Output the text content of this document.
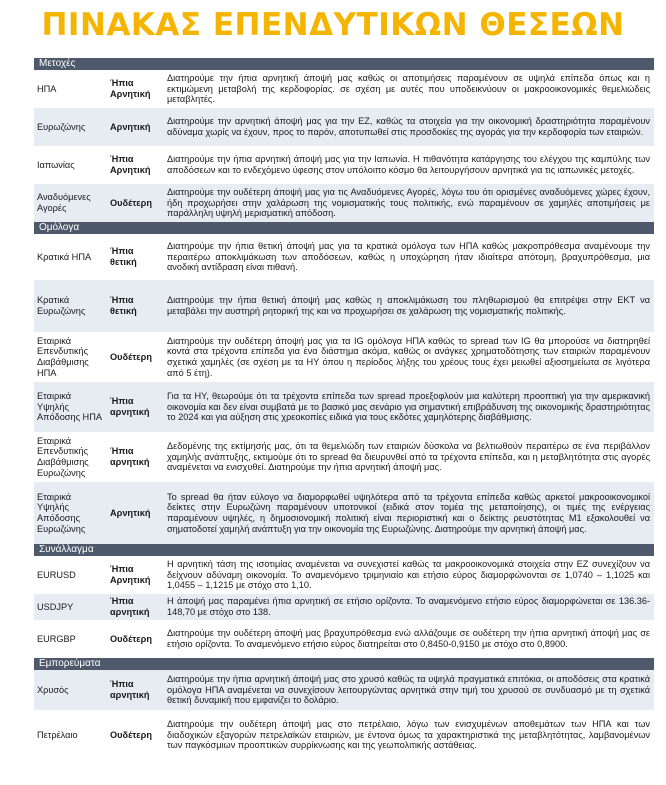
ΠΙΝΑΚΑΣ ΕΠΕΝΔΥΤΙΚΩΝ ΘΕΣΕΩΝ
Μετοχές		
ΗΠΑ	Ήπια Αρνητική	Διατηρούμε την ήπια αρνητική άποψή μας καθώς οι αποτιμήσεις παραμένουν σε υψηλά επίπεδα όπως και η εκτιμώμενη μεταβολή της κερδοφορίας. σε σχέση με αυτές που υποδεικνύουν οι μακροοικονομικές θεμελιώδεις μεταβλητές.
Ευρωζώνης	Αρνητική	Διατηρούμε την αρνητική άποψή μας για την ΕΖ, καθώς τα στοιχεία για την οικονομική δραστηριότητα παραμένουν αδύναμα χωρίς να έχουν, προς το παρόν, αποτυπωθεί στις προσδοκίες της αγοράς για την κερδοφορία των εταιριών.
Ιαπωνίας	Ήπια Αρνητική	Διατηρούμε την ήπια αρνητική άποψή μας για την Ιαπωνία. Η πιθανότητα κατάργησης του ελέγχου της καμπύλης των αποδόσεων και το ενδεχόμενο ύφεσης στον υπόλοιπο κόσμο θα λειτουργήσουν αρνητικά για τις ιαπωνικές μετοχές.
Αναδυόμενες Αγορές	Ουδέτερη	Διατηρούμε την ουδέτερη άποψή μας για τις Αναδυόμενες Αγορές, λόγω του ότι ορισμένες αναδυόμενες χώρες έχουν, ήδη προχωρήσει στην χαλάρωση της νομισματικής τους πολιτικής, ενώ παραμένουν σε χαμηλές αποτιμήσεις με παράλληλη υψηλή μερισματική απόδοση.
Ομόλογα		
Κρατικά ΗΠΑ	Ήπια θετική	Διατηρούμε την ήπια θετική άποψή μας για τα κρατικά ομόλογα των ΗΠΑ καθώς μακροπρόθεσμα αναμένουμε την περαιτέρω αποκλιμάκωση των αποδόσεων, καθώς η υποχώρηση ήταν ιδιαίτερα απότομη, βραχυπρόθεσμα, μια ανοδική αντίδραση είναι πιθανή.
Κρατικά Ευρωζώνης	Ήπια θετική	Διατηρούμε την ήπια θετική άποψή μας καθώς η αποκλιμάκωση του πληθωρισμού θα επιτρέψει στην ΕΚΤ να μεταβάλει την αυστηρή ρητορική της και να προχωρήσει σε χαλάρωση της νομισματικής πολιτικής.
Εταιρικά Επενδυτικής Διαβάθμισης ΗΠΑ	Ουδέτερη	Διατηρούμε την ουδέτερη άποψή μας για τα IG ομόλογα ΗΠΑ καθώς το spread των IG θα μπορούσε να διατηρηθεί κοντά στα τρέχοντα επίπεδα για ένα διάστημα ακόμα, καθώς οι ανάγκες χρηματοδότησης των εταιριών παραμένουν σχετικά χαμηλές (σε σχέση με τα ΗΥ όπου η περίοδος λήξης του χρέους τους έχει μειωθεί αξιοσημείωτα σε λιγότερα από 5 έτη).
Εταιρικά Υψηλής Απόδοσης ΗΠΑ	Ήπια αρνητική	Για τα ΗΥ, θεωρούμε ότι τα τρέχοντα επίπεδα των spread προεξοφλούν μια καλύτερη προοπτική για την αμερικανική οικονομία και δεν είναι συμβατά με το βασικό μας σενάριο για σημαντική επιβράδυνση της οικονομικής δραστηριότητας το 2024 και για αύξηση στις χρεοκοπίες ειδικά για τους εκδότες χαμηλότερης διαβάθμισης.
Εταιρικά Επενδυτικής Διαβάθμισης Ευρωζώνης	Ήπια αρνητική	Δεδομένης της εκτίμησής μας, ότι τα θεμελιώδη των εταιριών δύσκολα να βελτιωθούν περαιτέρω σε ένα περιβάλλον χαμηλής ανάπτυξης, εκτιμούμε ότι το spread θα διευρυνθεί από τα τρέχοντα επίπεδα, και η μεταβλητότητα στις αγορές αναμένεται να ενισχυθεί. Διατηρούμε την ήπια αρνητική άποψή μας.
Εταιρικά Υψηλής Απόδοσης Ευρωζώνης	Αρνητική	Το spread θα ήταν εύλογο να διαμορφωθεί υψηλότερα από τα τρέχοντα επίπεδα καθώς αρκετοί μακροοικονομικοί δείκτες στην Ευρωζώνη παραμένουν υποτονικοί (ειδικά στον τομέα της μεταποίησης), οι τιμές της ενέργειας παραμένουν υψηλές, η δημοσιονομική πολιτική είναι περιοριστική και ο δείκτης ρευστότητας Μ1 εξακολουθεί να σηματοδοτεί χαμηλή ανάπτυξη για την οικονομία της Ευρωζώνης. Διατηρούμε την αρνητική άποψή μας.
Συνάλλαγμα		
EURUSD	Ήπια Αρνητική	Η αρνητική τάση της ισοτιμίας αναμένεται να συνεχιστεί καθώς τα μακροοικονομικά στοιχεία στην ΕΖ συνεχίζουν να δείχνουν αδύναμη οικονομία. Το αναμενόμενο τριμηνιαίο και ετήσιο εύρος διαμορφώνονται σε 1,0740 – 1,1025 και 1,0455 – 1,1215 με στόχο στο 1,10.
USDJPY	Ήπια αρνητική	Η άποψή μας παραμένει ήπια αρνητική σε ετήσιο ορίζοντα. Το αναμενόμενο ετήσιο εύρος διαμορφώνεται σε 136.36-148,70 με στόχο στο 138.
EURGBP	Ουδέτερη	Διατηρούμε την ουδέτερη άποψή μας βραχυπρόθεσμα ενώ αλλάζουμε σε ουδέτερη την ήπια αρνητική άποψή μας σε ετήσιο ορίζοντα. Το αναμενόμενο ετήσιο εύρος διατηρείται στο 0,8450-0,9150 με στόχο στο 0,8900.
Εμπορεύματα		
Χρυσός	Ήπια αρνητική	Διατηρούμε την ήπια αρνητική άποψή μας στο χρυσό καθώς τα υψηλά πραγματικά επιτόκια, οι αποδόσεις στα κρατικά ομόλογα ΗΠΑ αναμένεται να συνεχίσουν λειτουργώντας αρνητικά στην τιμή του χρυσού σε συνδυασμό με τη σχετικά θετική δυναμική που εμφανίζει το δολάριο.
Πετρέλαιο	Ουδέτερη	Διατηρούμε την ουδέτερη άποψή μας στο πετρέλαιο, λόγω των ενισχυμένων αποθεμάτων των ΗΠΑ και των διαδοχικών εξαγορών πετρελαϊκών εταιριών, με έντονα όμως τα χαρακτηριστικά της μεταβλητότητας, λαμβανομένων των παγκόσμιων προοπτικών συρρίκνωσης και της γεωπολιτικής αστάθειας.
